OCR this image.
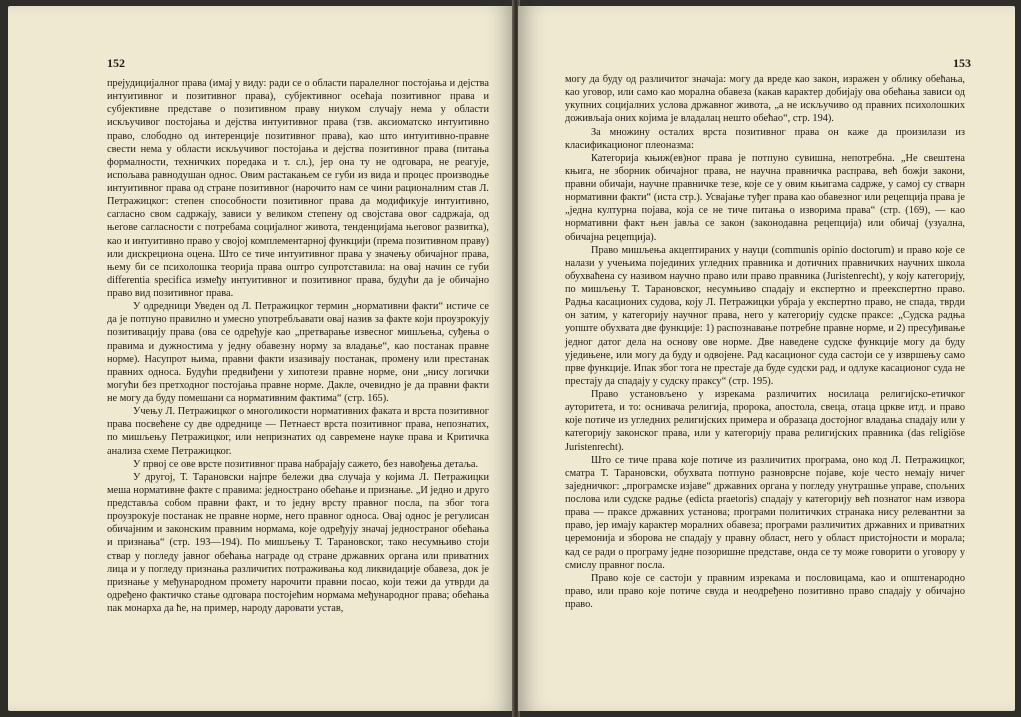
152

прејудицијалног права (имај у виду: ради се о области паралелног постојања и дејства интуитивног и позитивног права), субјективног осећаја позитивног права и субјективне представе о позитивном праву ниуком случају нема у области искључивог постојања и дејства интуитивног права (тзв. аксиоматско интуитивно право, слободно од интеренције позитивног права), као што интуитивно-правне свести нема у области искључивог постојања и дејства позитивног права (питања формалности, техничких поредака и т. сл.), јер она ту не одговара, не реагује, испољава равнодушан однос. Овим растакањем се губи из вида и процес производње интуитивног права од стране позитивног (нарочито нам се чини рационалним став Л. Петражицког: степен способности позитивног права да модификује интуитивно, сагласно свом садржају, зависи у великом степену од својстава овог садржаја, од његове сагласности с потребама социјалног живота, тенденцијама његовог развитка), као и интуитивно право у својој комплементарној функцији (према позитивном праву) или дискрециона оцена. Што се тиче интуитивног права у значењу обичајног права, њему би се психолошка теорија права оштро супротставила: на овај начин се губи differentia specifica између интуитивног и позитивног права, будући да је обичајно право вид позитивног права.

У одредници Уведен од Л. Петражицког термин „нормативни факти“ истиче се да је потпуно правилно и умесно употребљавати овај назив за факте који проузрокују позитивацију права (ова се одређује као „претварање извесног мишљења, суђења о правима и дужностима у једну обавезну норму за владање“, као постанак правне норме). Насупрот њима, правни факти изазивају постанак, промену или престанак правних односа. Будући предвиђени у хипотези правне норме, они „нису логички могући без претходног постојања правне норме. Дакле, очевидно је да правни факти не могу да буду помешани са нормативним фактима“ (стр. 165).

Учењу Л. Петражицког о многоликости нормативних факата и врста позитивног права посвећене су две одреднице — Петнаест врста позитивног права, непознатих, по мишљењу Петражицког, или непризнатих од савремене науке права и Критичка анализа схеме Петражицког.

У првој се ове врсте позитивног права набрајају сажето, без навођења детаља.

У другој, Т. Тарановски најпре бележи два случаја у којима Л. Петражицки меша нормативне факте с правима: једнострано обећање и признање. „И једно и друго представља собом правни факт, и то једну врсту правног посла, па због тога проузрокује постанак не правне норме, него правног односа. Овај однос је регулисан обичајним и законским правним нормама, које одређују значај једностраног обећања и признања“ (стр. 193—194). По мишљењу Т. Тарановског, тако несумњиво стоји ствар у погледу јавног обећања награде од стране државних органа или приватних лица и у погледу признања различитих потраживања код ликвидације обавеза, док је признање у међународном промету нарочити правни посао, који тежи да утврди да одређено фактичко стање одговара постојећим нормама међународног права; обећања пак монарха да ће, на пример, народу даровати устав,

153

могу да буду од различитог значаја: могу да вреде као закон, изражен у облику обећања, као уговор, или само као морална обавеза (какав карактер добијају ова обећања зависи од укупних социјалних услова државног живота, „а не искључиво од правних психолошких доживљаја оних којима је владалац нешто обећао“, стр. 194).

За множину осталих врста позитивног права он каже да произилази из класификационог плеоназма:

Категорија књиж(ев)ног права је потпуно сувишна, непотребна. „Не свештена књига, не зборник обичајног права, не научна правничка расправа, већ божји закони, правни обичаји, научне правничке тезе, које се у овим књигама садрже, у самој су стварн нормативни факти“ (иста стр.). Усвајање туђег права као обавезног или рецепција права је „једна културна појава, која се не тиче питања о изворима права“ (стр. (169), — као нормативни факт њен јавља се закон (законодавна рецепција) или обичај (узуална, обичајна рецепција).

Право мишљења акцептираних у науци (communis opinio doctorum) и право које се налази у учењима појединих угледних правника и дотичних правничких научних школа обухваћена су називом научно право или право правника (Juristenrecht), у коју категорију, по мишљењу Т. Тарановског, несумњиво спадају и експертно и преекспертно право. Радња касационих судова, коју Л. Петражицки убраја у експертно право, не спада, тврди он затим, у категорију научног права, него у категорију судске праксе: „Судска радња уопште обухвата две функције: 1) распознавање потребне правне норме, и 2) пресуђивање једног датог дела на основу ове норме. Две наведене судске функције могу да буду уједињене, или могу да буду и одвојене. Рад касационог суда састоји се у извршењу само прве функције. Ипак због тога не престаје да буде судски рад, и одлуке касационог суда не престају да спадају у судску праксу“ (стр. 195).

Право установљено у изрекама различитих носилаца религијско-етичког ауторитета, и то: оснивача религија, пророка, апостола, свеца, отаца цркве итд. и право које потиче из угледних религијских примера и образаца достојног владања спадају или у категорију законског права, или у категорију права религијских правника (das religiöse Juristenrecht).

Што се тиче права које потиче из различитих програма, оно код Л. Петражицког, сматра Т. Тарановски, обухвата потпуно разноврсне појаве, које често немају ничег заједничког: „програмске изјаве“ државних органа у погледу унутрашње управе, спољних послова или судске радње (edicta praetoris) спадају у категорију већ познатог нам извора права — праксе државних установа; програми политичких странака нису релевантни за право, јер имају карактер моралних обавеза; програми различитих државних и приватних церемонија и зборова не спадају у правну област, него у област пристојности и морала; кад се ради о програму једне позоришне представе, онда се ту може говорити о уговору у смислу правног посла.

Право које се састоји у правним изрекама и пословицама, као и општенародно право, или право које потиче свуда и неодређено позитивно право спадају у обичајно право.
